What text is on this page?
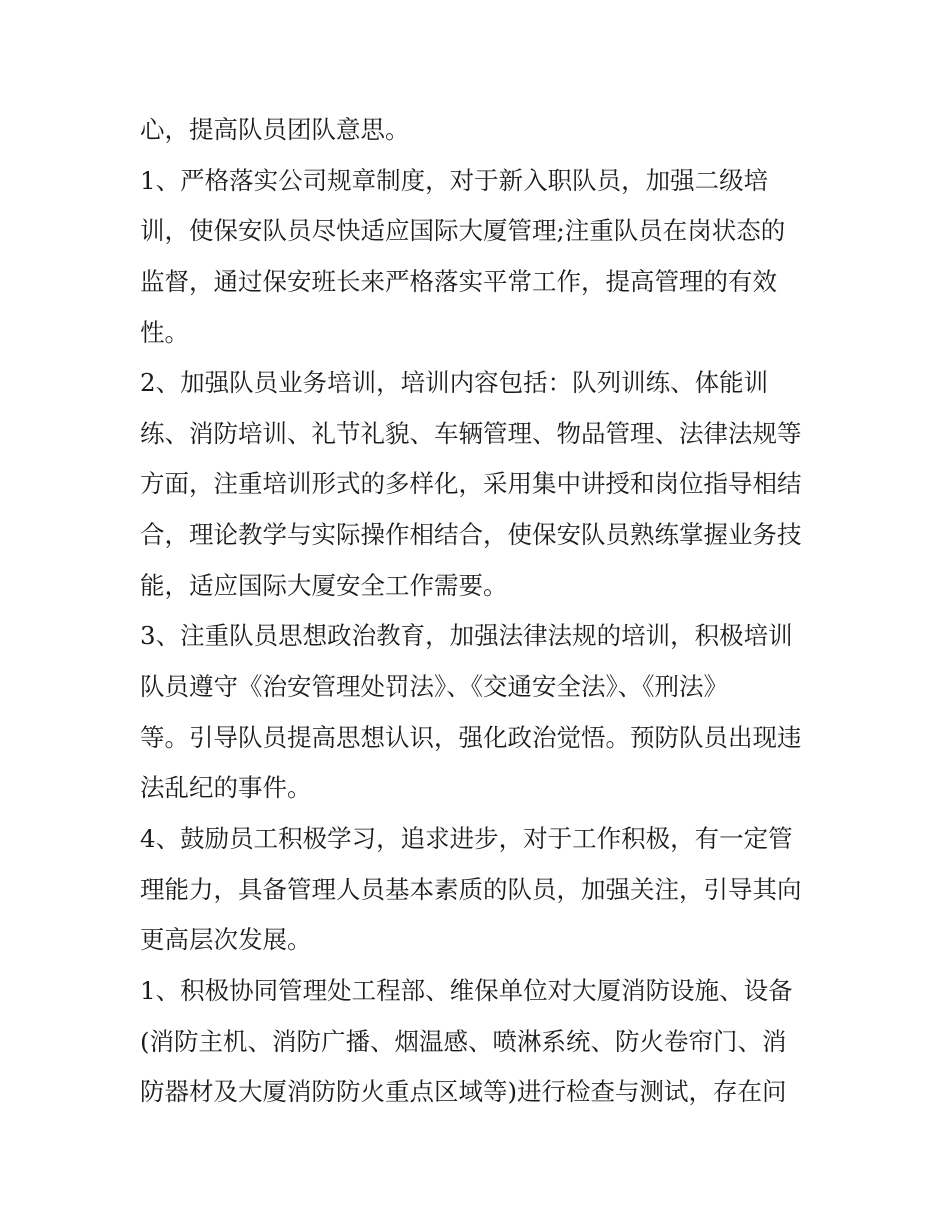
心，提高队员团队意思。
1、严格落实公司规章制度，对于新入职队员，加强二级培
训，使保安队员尽快适应国际大厦管理;注重队员在岗状态的
监督，通过保安班长来严格落实平常工作，提高管理的有效
性。
2、加强队员业务培训，培训内容包括：队列训练、体能训
练、消防培训、礼节礼貌、车辆管理、物品管理、法律法规等
方面，注重培训形式的多样化，采用集中讲授和岗位指导相结
合，理论教学与实际操作相结合，使保安队员熟练掌握业务技
能，适应国际大厦安全工作需要。
3、注重队员思想政治教育，加强法律法规的培训，积极培训
队员遵守《治安管理处罚法》、《交通安全法》、《刑法》
等。引导队员提高思想认识，强化政治觉悟。预防队员出现违
法乱纪的事件。
4、鼓励员工积极学习，追求进步，对于工作积极，有一定管
理能力，具备管理人员基本素质的队员，加强关注，引导其向
更高层次发展。
1、积极协同管理处工程部、维保单位对大厦消防设施、设备
(消防主机、消防广播、烟温感、喷淋系统、防火卷帘门、消
防器材及大厦消防防火重点区域等)进行检查与测试，存在问
